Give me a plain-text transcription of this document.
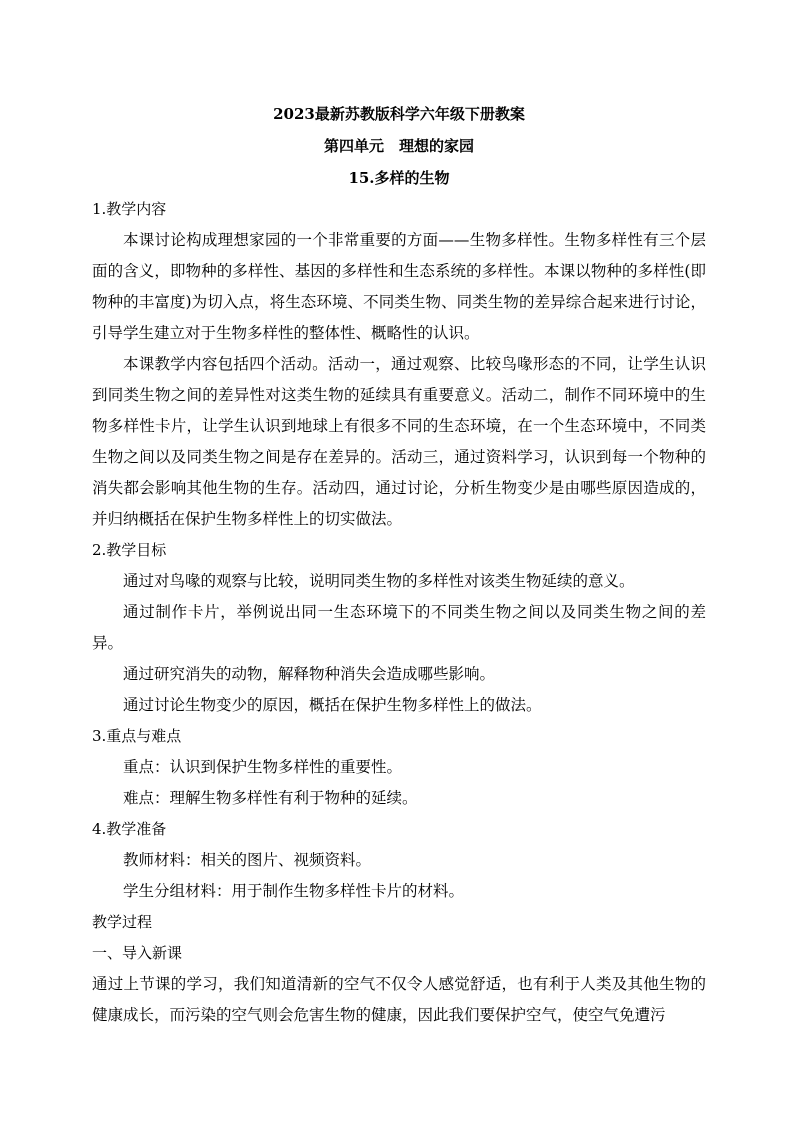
2023最新苏教版科学六年级下册教案
第四单元　理想的家园
15.多样的生物
1.教学内容

本课讨论构成理想家园的一个非常重要的方面——生物多样性。生物多样性有三个层面的含义，即物种的多样性、基因的多样性和生态系统的多样性。本课以物种的多样性(即物种的丰富度)为切入点，将生态环境、不同类生物、同类生物的差异综合起来进行讨论，引导学生建立对于生物多样性的整体性、概略性的认识。

本课教学内容包括四个活动。活动一，通过观察、比较鸟喙形态的不同，让学生认识到同类生物之间的差异性对这类生物的延续具有重要意义。活动二，制作不同环境中的生物多样性卡片，让学生认识到地球上有很多不同的生态环境，在一个生态环境中，不同类生物之间以及同类生物之间是存在差异的。活动三，通过资料学习，认识到每一个物种的消失都会影响其他生物的生存。活动四，通过讨论，分析生物变少是由哪些原因造成的，并归纳概括在保护生物多样性上的切实做法。

2.教学目标

通过对鸟喙的观察与比较，说明同类生物的多样性对该类生物延续的意义。

通过制作卡片，举例说出同一生态环境下的不同类生物之间以及同类生物之间的差异。

通过研究消失的动物，解释物种消失会造成哪些影响。

通过讨论生物变少的原因，概括在保护生物多样性上的做法。

3.重点与难点

重点：认识到保护生物多样性的重要性。

难点：理解生物多样性有利于物种的延续。

4.教学准备

教师材料：相关的图片、视频资料。

学生分组材料：用于制作生物多样性卡片的材料。

教学过程
一、导入新课

通过上节课的学习，我们知道清新的空气不仅令人感觉舒适，也有利于人类及其他生物的健康成长，而污染的空气则会危害生物的健康，因此我们要保护空气，使空气免遭污
